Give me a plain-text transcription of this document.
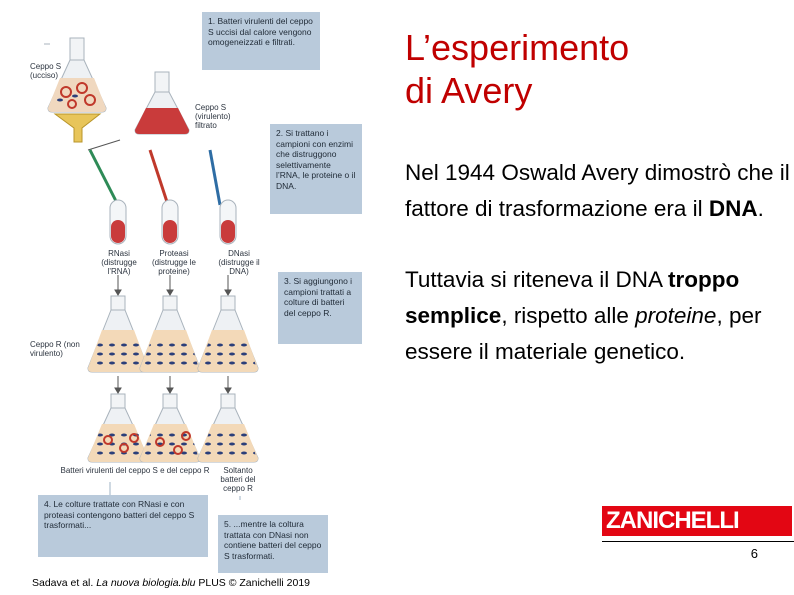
1. Batteri virulenti del ceppo S uccisi dal calore vengono omogeneizzati e filtrati.
2. Si trattano i campioni con enzimi che distruggono selettivamente l’RNA, le proteine o il DNA.
3. Si aggiungono i campioni trattati a colture di batteri del ceppo R.
4. Le colture trattate con RNasi e con proteasi contengono batteri del ceppo S trasformati...	5. ...mentre la coltura trattata con DNasi non contiene batteri del ceppo S trasformati.
Ceppo S (ucciso)
Ceppo S (virulento) filtrato
RNasi (distrugge l’RNA)
Proteasi (distrugge le proteine)
DNasi (distrugge il DNA)
Ceppo R (non virulento)
Batteri virulenti del ceppo S e del ceppo R	Soltanto batteri del ceppo R
L’esperimento
di Avery

Nel 1944 Oswald Avery dimostrò che il fattore di trasformazione era il DNA.

Tuttavia si riteneva il DNA troppo semplice, rispetto alle proteine, per essere il materiale genetico.

ZANICHELLI
6
Sadava et al. La nuova biologia.blu PLUS © Zanichelli 2019
